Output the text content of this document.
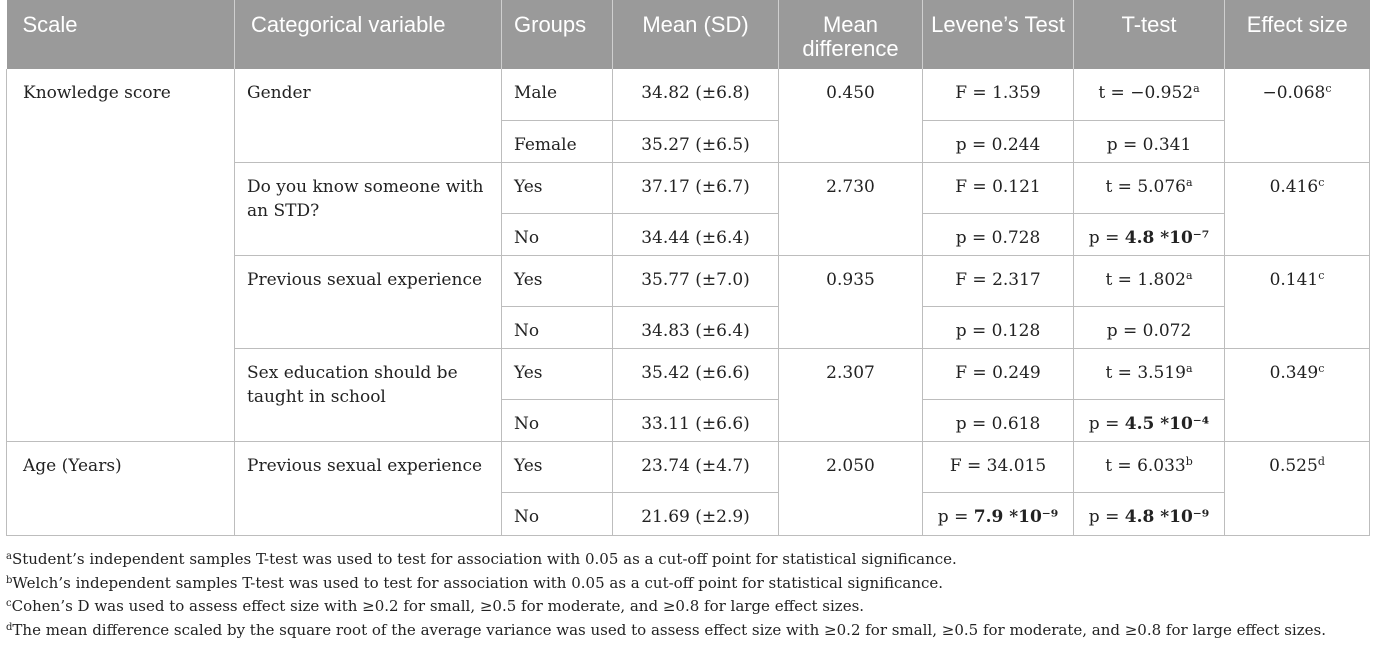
Scale	Categorical variable	Groups	Mean (SD)	Mean difference	Levene’s Test	T-test	Effect size
Knowledge score	Gender	Male	34.82 (±6.8)	0.450	F = 1.359	t = −0.952$^a$	−0.068$^c$
		Female	35.27 (±6.5)		p = 0.244	p = 0.341	
	Do you know someone with an STD?	Yes	37.17 (±6.7)	2.730	F = 0.121	t = 5.076$^a$	0.416$^c$
		No	34.44 (±6.4)		p = 0.728	p = 4.8 *10⁻⁷	
	Previous sexual experience	Yes	35.77 (±7.0)	0.935	F = 2.317	t = 1.802$^a$	0.141$^c$
		No	34.83 (±6.4)		p = 0.128	p = 0.072	
	Sex education should be taught in school	Yes	35.42 (±6.6)	2.307	F = 0.249	t = 3.519$^a$	0.349$^c$
		No	33.11 (±6.6)		p = 0.618	p = 4.5 *10⁻⁴	
Age (Years)	Previous sexual experience	Yes	23.74 (±4.7)	2.050	F = 34.015	t = 6.033$^b$	0.525$^d$
		No	21.69 (±2.9)		p = 7.9 *10⁻⁹	p = 4.8 *10⁻⁹	
$^a$Student’s independent samples T-test was used to test for association with 0.05 as a cut-off point for statistical significance.
$^b$Welch’s independent samples T-test was used to test for association with 0.05 as a cut-off point for statistical significance.
$^c$Cohen’s D was used to assess effect size with ≥0.2 for small, ≥0.5 for moderate, and ≥0.8 for large effect sizes.
$^d$The mean difference scaled by the square root of the average variance was used to assess effect size with ≥0.2 for small, ≥0.5 for moderate, and ≥0.8 for large effect sizes.
